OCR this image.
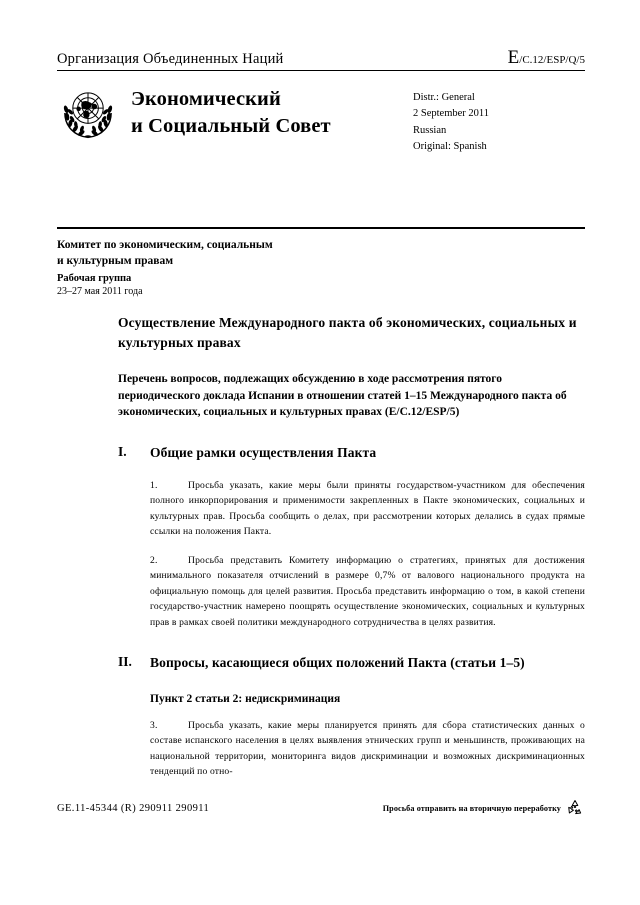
Организация Объединенных Наций	E/C.12/ESP/Q/5
Экономический
и Социальный Совет
Distr.: General
2 September 2011
Russian
Original: Spanish
Комитет по экономическим, социальным
и культурным правам
Рабочая группа
23–27 мая 2011 года
Осуществление Международного пакта об экономических, социальных и культурных правах
Перечень вопросов, подлежащих обсуждению в ходе рассмотрения пятого периодического доклада Испании в отношении статей 1–15 Международного пакта об экономических, социальных и культурных правах (E/C.12/ESP/5)
I.	Общие рамки осуществления Пакта
1.	Просьба указать, какие меры были приняты государством-участником для обеспечения полного инкорпорирования и применимости закрепленных в Пакте экономических, социальных и культурных прав. Просьба сообщить о делах, при рассмотрении которых делались в судах прямые ссылки на положения Пакта.
2.	Просьба представить Комитету информацию о стратегиях, принятых для достижения минимального показателя отчислений в размере 0,7% от валового национального продукта на официальную помощь для целей развития. Просьба представить информацию о том, в какой степени государство-участник намерено поощрять осуществление экономических, социальных и культурных прав в рамках своей политики международного сотрудничества в целях развития.
II.	Вопросы, касающиеся общих положений Пакта (статьи 1–5)
Пункт 2 статьи 2: недискриминация
3.	Просьба указать, какие меры планируется принять для сбора статистических данных о составе испанского населения в целях выявления этнических групп и меньшинств, проживающих на национальной территории, мониторинга видов дискриминации и возможных дискриминационных тенденций по отно-
GE.11-45344 (R) 290911 290911	Просьба отправить на вторичную переработку
